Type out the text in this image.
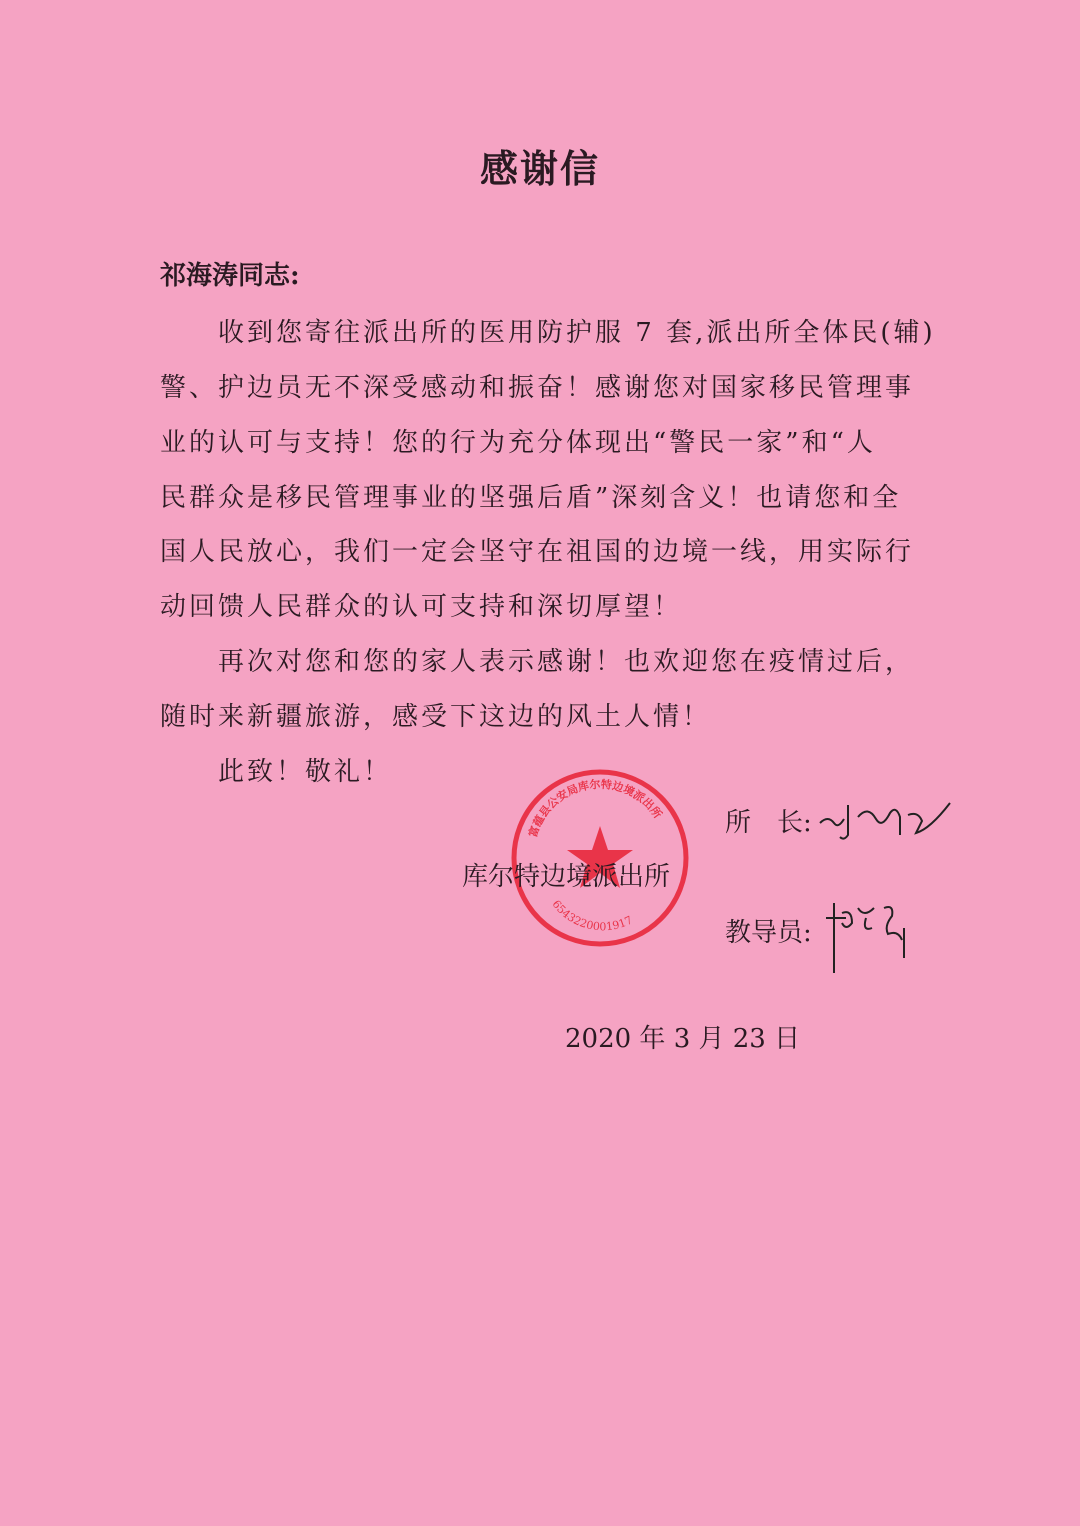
感谢信
祁海涛同志:
收到您寄往派出所的医用防护服 7 套,派出所全体民(辅)
警、护边员无不深受感动和振奋！感谢您对国家移民管理事
业的认可与支持！您的行为充分体现出“警民一家”和“人
民群众是移民管理事业的坚强后盾”深刻含义！也请您和全
国人民放心，我们一定会坚守在祖国的边境一线，用实际行
动回馈人民群众的认可支持和深切厚望！
再次对您和您的家人表示感谢！也欢迎您在疫情过后，
随时来新疆旅游，感受下这边的风土人情！
此致！敬礼！
富蕴县公安局库尔特边境派出所
6543220001917
所　长:
库尔特边境派出所
教导员:
2020 年 3 月 23 日
